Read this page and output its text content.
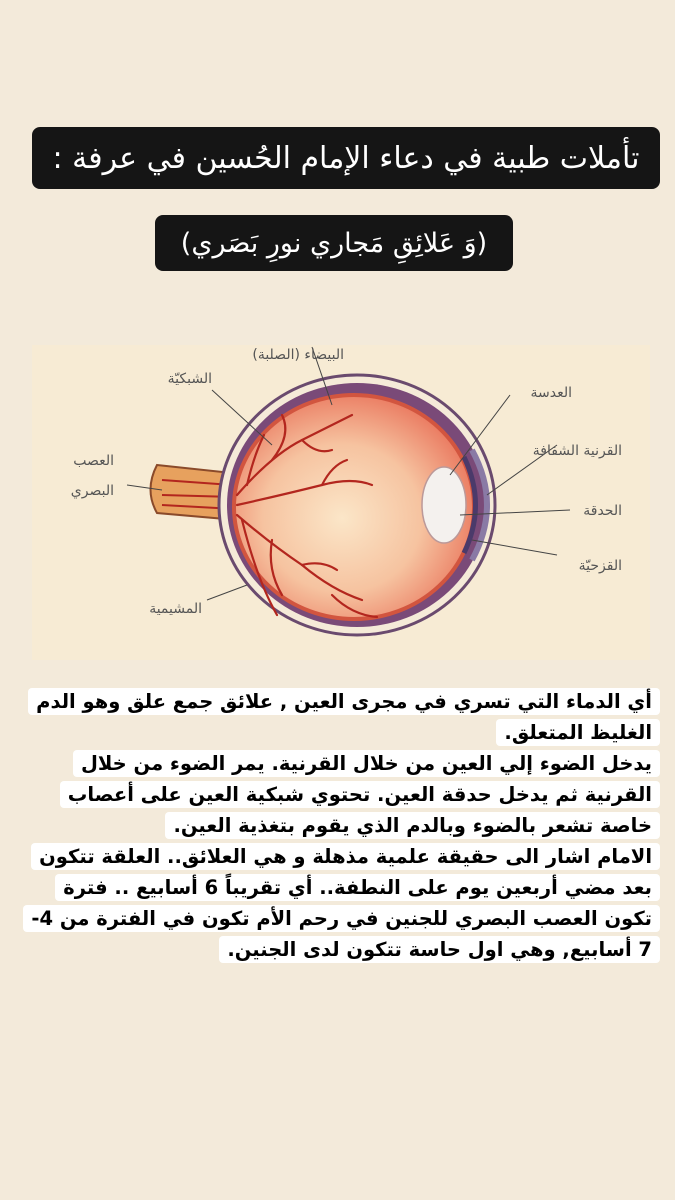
تأملات طبية في دعاء الإمام الحُسين في عرفة :
(وَ عَلائِقِ مَجاري نورِ بَصَري)
البيضاء (الصلبة)
الشبكيّة
العدسة
القرنية الشفافة
الحدقة
القزحيّة
العصب
البصري
المشيمية

أي الدماء التي تسري في مجرى العين , علائق جمع علق وهو الدم الغليظ المتعلق.

يدخل الضوء إلي العين من خلال القرنية. يمر الضوء من خلال القرنية ثم يدخل حدقة العين. تحتوي شبكية العين على أعصاب خاصة تشعر بالضوء وبالدم الذي يقوم بتغذية العين.

الامام اشار الى حقيقة علمية مذهلة و هي العلائق.. العلقة تتكون بعد مضي أربعين يوم على النطفة.. أي تقريباً 6 أسابيع .. فترة تكون العصب البصري للجنين في رحم الأم تكون في الفترة من 4-7 أسابيع, وهي اول حاسة تتكون لدى الجنين.
